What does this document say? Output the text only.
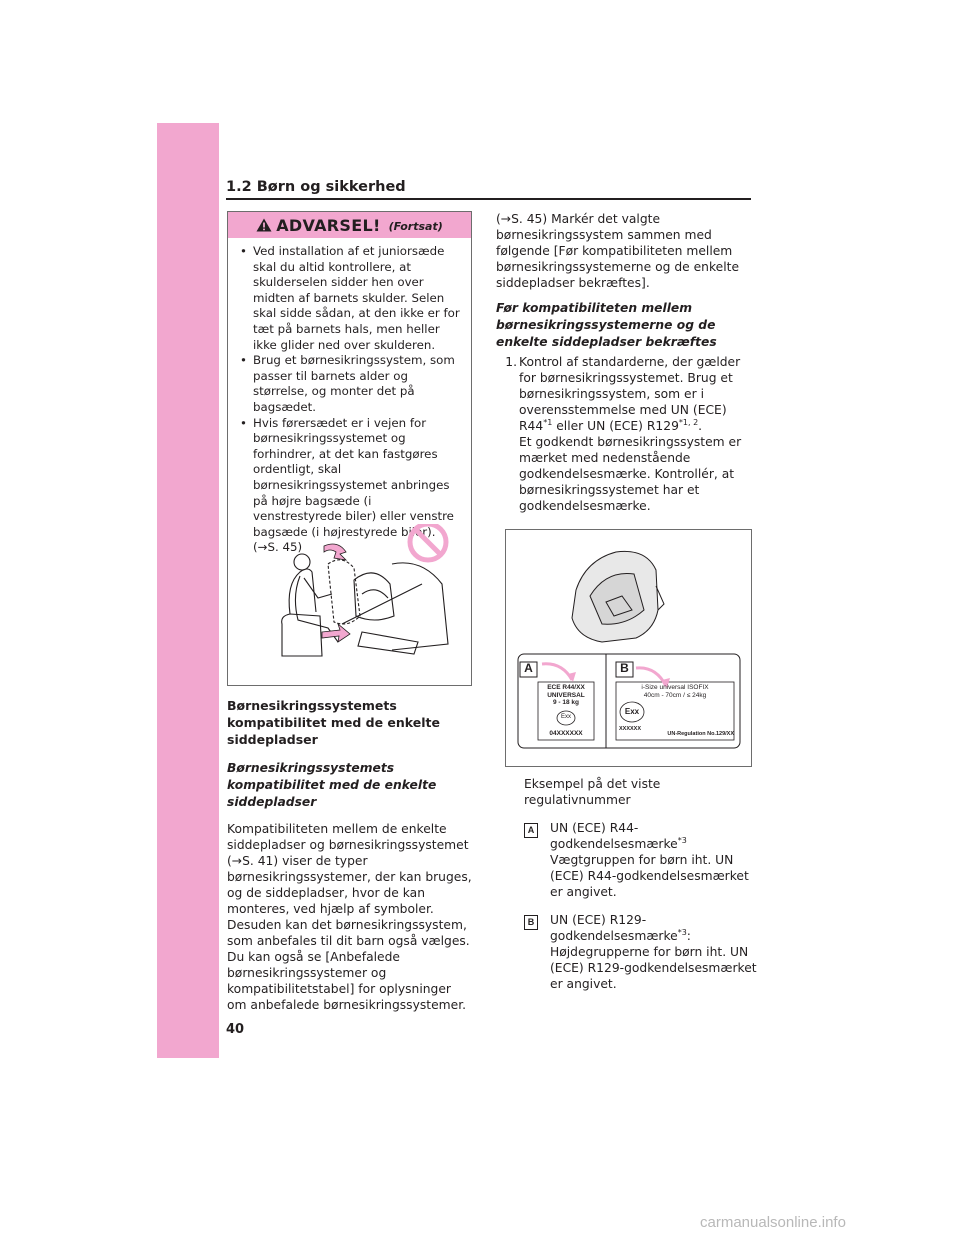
1.2 Børn og sikkerhed
ADVARSEL! (Fortsat)
• Ved installation af et juniorsæde skal du altid kontrollere, at skulderselen sidder hen over midten af barnets skulder. Selen skal sidde sådan, at den ikke er for tæt på barnets hals, men heller ikke glider ned over skulderen.
• Brug et børnesikringssystem, som passer til barnets alder og størrelse, og monter det på bagsædet.
• Hvis førersædet er i vejen for børnesikringssystemet og forhindrer, at det kan fastgøres ordentligt, skal børnesikringssystemet anbringes på højre bagsæde (i venstrestyrede biler) eller venstre bagsæde (i højrestyrede biler). (→S. 45)
Børnesikringssystemets kompatibilitet med de enkelte siddepladser
Børnesikringssystemets kompatibilitet med de enkelte siddepladser
Kompatibiliteten mellem de enkelte siddepladser og børnesikringssystemet (→S. 41) viser de typer børnesikringssystemer, der kan bruges, og de siddepladser, hvor de kan monteres, ved hjælp af symboler. Desuden kan det børnesikringssystem, som anbefales til dit barn også vælges. Du kan også se [Anbefalede børnesikringssystemer og kompatibilitetstabel] for oplysninger om anbefalede børnesikringssystemer.
(→S. 45) Markér det valgte børnesikringssystem sammen med følgende [Før kompatibiliteten mellem børnesikringssystemerne og de enkelte siddepladser bekræftes].
Før kompatibiliteten mellem børnesikringssystemerne og de enkelte siddepladser bekræftes
1. Kontrol af standarderne, der gælder for børnesikringssystemet. Brug et børnesikringssystem, som er i overensstemmelse med UN (ECE) R44$^{*1}$ eller UN (ECE) R129$^{*1, 2}$.
Et godkendt børnesikringssystem er mærket med nedenstående godkendelsesmærke. Kontrollér, at børnesikringssystemet har et godkendelsesmærke.
A	B
ECE R44/XX
UNIVERSAL
9 - 18 kg
Exx
04XXXXXX
i-Size universal ISOFIX
40cm - 70cm / ≤ 24kg
Exx
XXXXXX
UN-Regulation No.129/XX
Eksempel på det viste regulativnummer
A	UN (ECE) R44-godkendelsesmærke$^{*3}$
Vægtgruppen for børn iht. UN (ECE) R44-godkendelsesmærket er angivet.
B	UN (ECE) R129-godkendelsesmærke$^{*3}$:
Højdegrupperne for børn iht. UN (ECE) R129-godkendelsesmærket er angivet.
40
carmanualsonline.info
